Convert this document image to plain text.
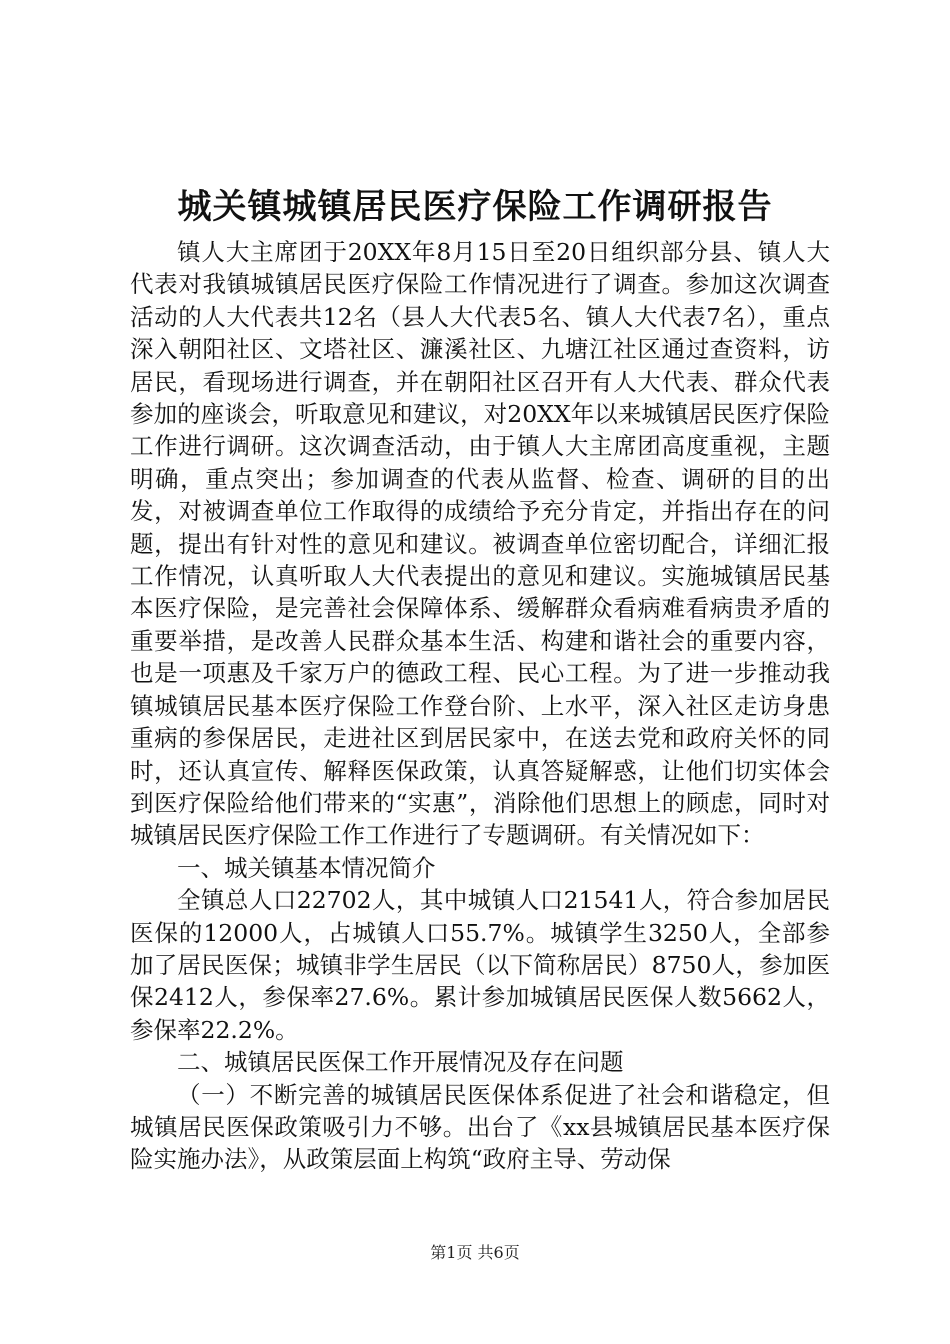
城关镇城镇居民医疗保险工作调研报告

镇人大主席团于20XX年8月15日至20日组织部分县、镇人大代表对我镇城镇居民医疗保险工作情况进行了调查。参加这次调查活动的人大代表共12名（县人大代表5名、镇人大代表7名），重点深入朝阳社区、文塔社区、濂溪社区、九塘江社区通过查资料，访居民，看现场进行调查，并在朝阳社区召开有人大代表、群众代表参加的座谈会，听取意见和建议，对20XX年以来城镇居民医疗保险工作进行调研。这次调查活动，由于镇人大主席团高度重视，主题明确，重点突出；参加调查的代表从监督、检查、调研的目的出发，对被调查单位工作取得的成绩给予充分肯定，并指出存在的问题，提出有针对性的意见和建议。被调查单位密切配合，详细汇报工作情况，认真听取人大代表提出的意见和建议。实施城镇居民基本医疗保险，是完善社会保障体系、缓解群众看病难看病贵矛盾的重要举措，是改善人民群众基本生活、构建和谐社会的重要内容，也是一项惠及千家万户的德政工程、民心工程。为了进一步推动我镇城镇居民基本医疗保险工作登台阶、上水平，深入社区走访身患重病的参保居民，走进社区到居民家中，在送去党和政府关怀的同时，还认真宣传、解释医保政策，认真答疑解惑，让他们切实体会到医疗保险给他们带来的“实惠”，消除他们思想上的顾虑，同时对城镇居民医疗保险工作工作进行了专题调研。有关情况如下：

一、城关镇基本情况简介

全镇总人口22702人，其中城镇人口21541人，符合参加居民医保的12000人，占城镇人口55.7%。城镇学生3250人，全部参加了居民医保；城镇非学生居民（以下简称居民）8750人，参加医保2412人，参保率27.6%。累计参加城镇居民医保人数5662人，参保率22.2%。

二、城镇居民医保工作开展情况及存在问题

（一）不断完善的城镇居民医保体系促进了社会和谐稳定，但城镇居民医保政策吸引力不够。出台了《xx县城镇居民基本医疗保险实施办法》，从政策层面上构筑“政府主导、劳动保

第1页 共6页
